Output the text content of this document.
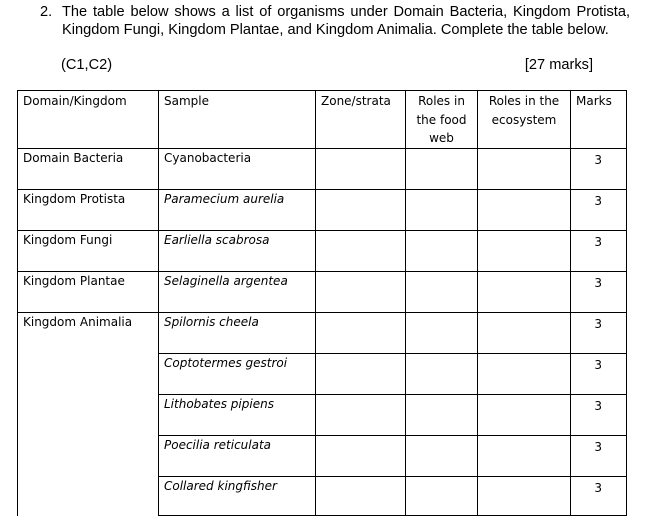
2. The table below shows a list of organisms under Domain Bacteria, Kingdom Protista, Kingdom Fungi, Kingdom Plantae, and Kingdom Animalia. Complete the table below.
(C1,C2)	[27 marks]
Domain/Kingdom	Sample	Zone/strata	Roles in the food web	Roles in the ecosystem	Marks
Domain Bacteria	Cyanobacteria				3
Kingdom Protista	Paramecium aurelia				3
Kingdom Fungi	Earliella scabrosa				3
Kingdom Plantae	Selaginella argentea				3
Kingdom Animalia	Spilornis cheela				3
	Coptotermes gestroi				3
	Lithobates pipiens				3
	Poecilia reticulata				3
	Collared kingfisher				3
